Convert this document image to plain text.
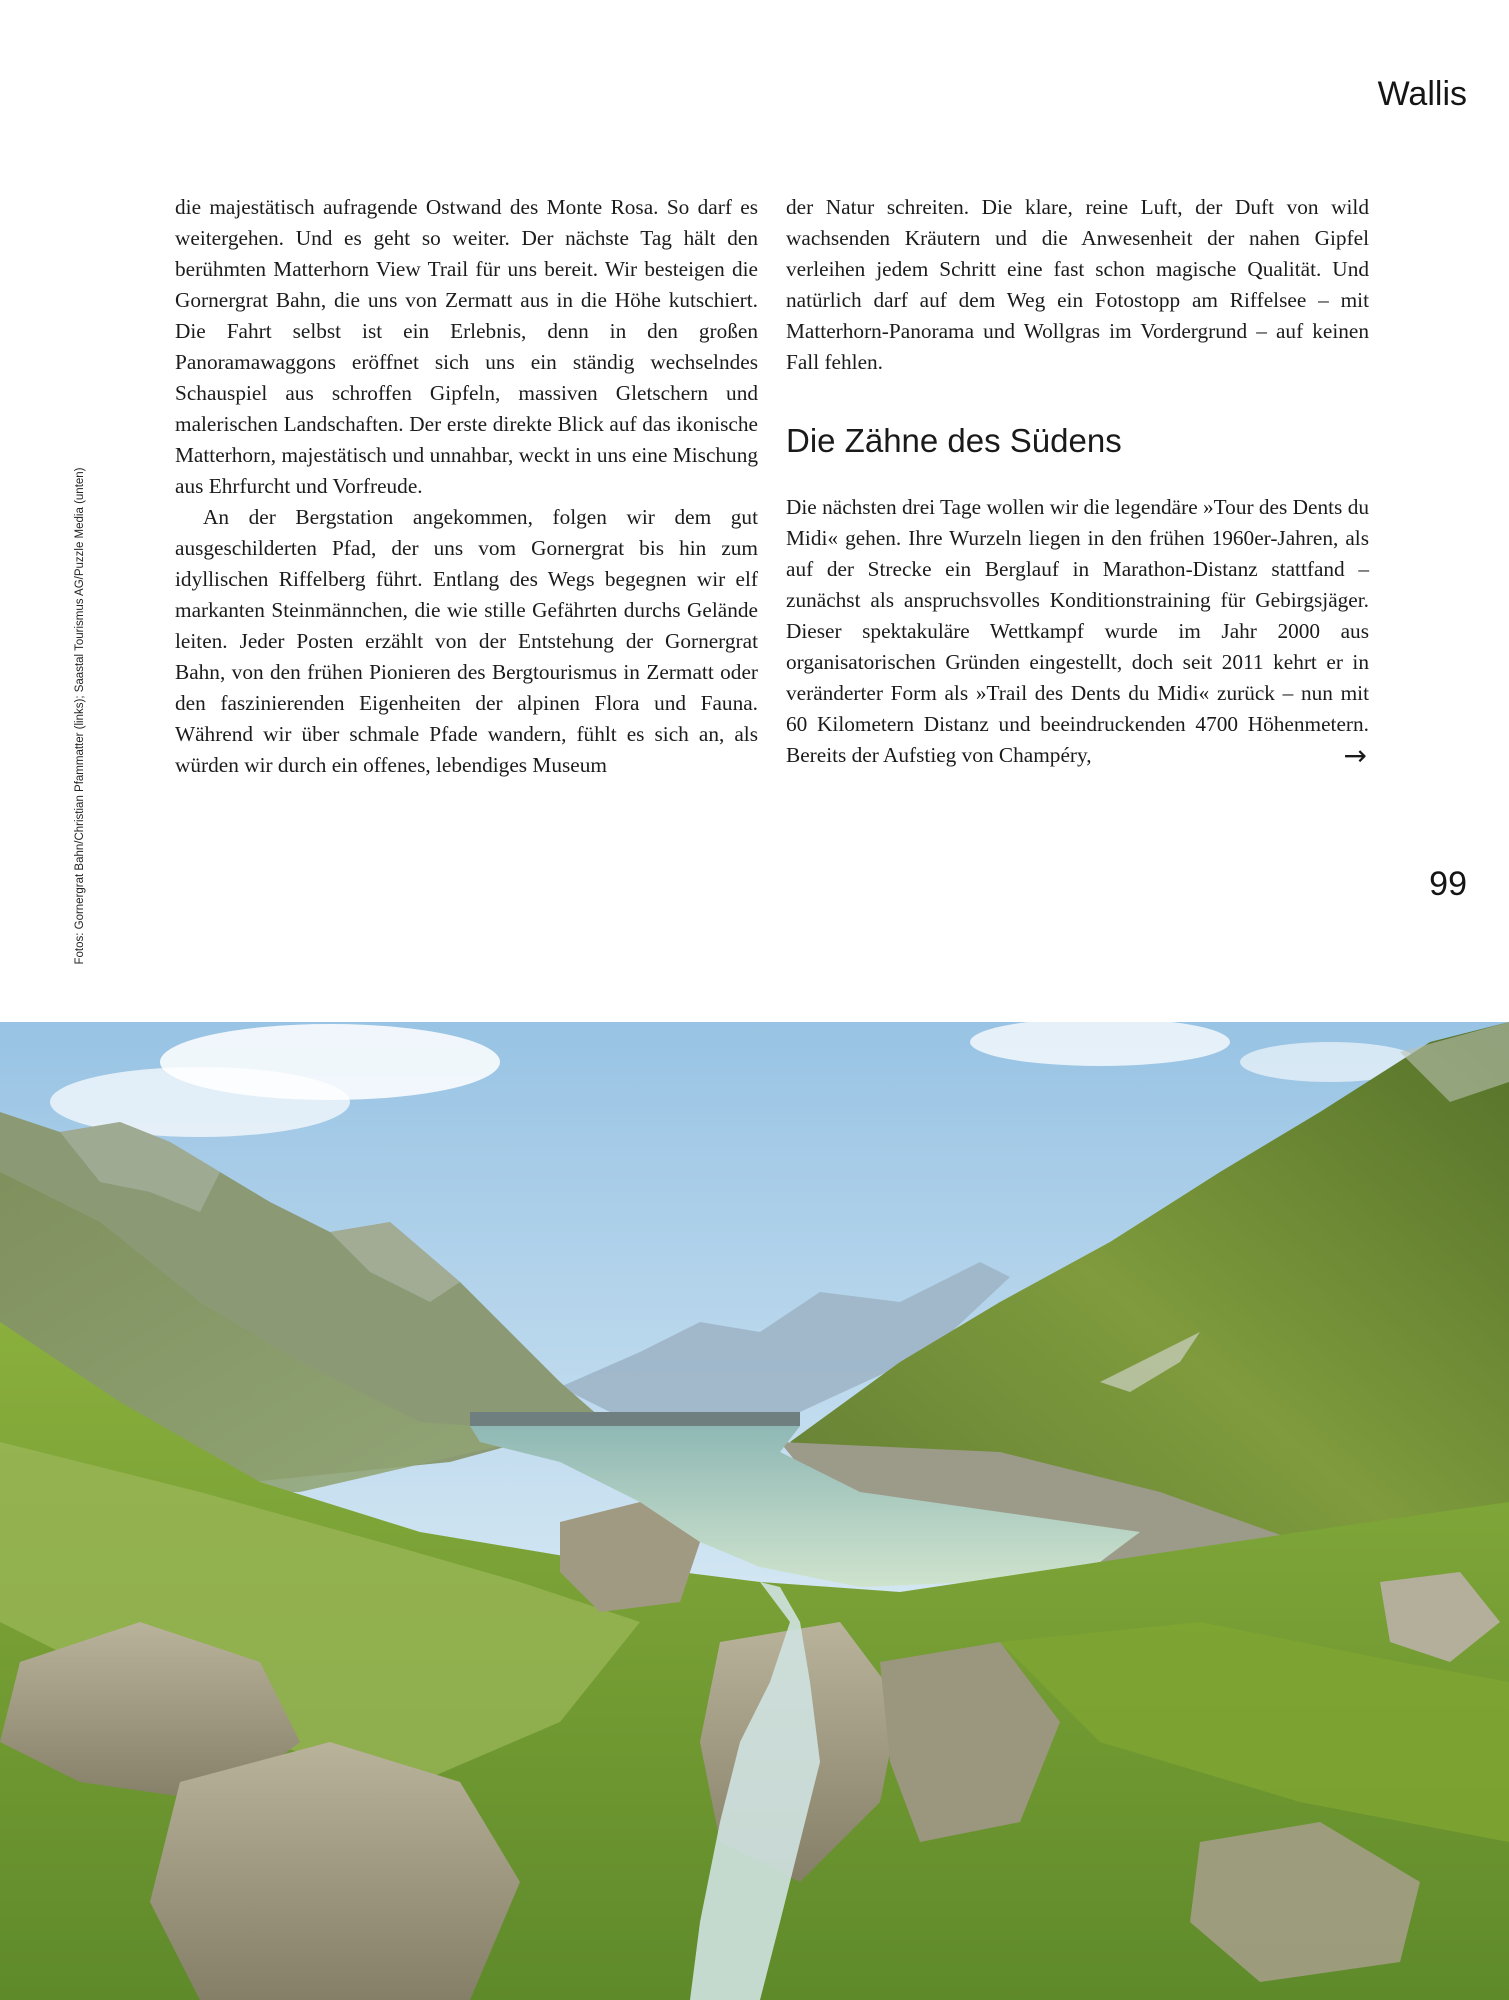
Wallis
Fotos: Gornergrat Bahn/Christian Pfammatter (links); Saastal Tourismus AG/Puzzle Media (unten)

die majestätisch aufragende Ostwand des Monte Rosa. So darf es weitergehen. Und es geht so weiter. Der nächste Tag hält den berühmten Matterhorn View Trail für uns bereit. Wir besteigen die Gornergrat Bahn, die uns von Zermatt aus in die Höhe kutschiert. Die Fahrt selbst ist ein Erlebnis, denn in den großen Panoramawaggons eröffnet sich uns ein ständig wechselndes Schauspiel aus schroffen Gipfeln, massiven Gletschern und malerischen Landschaften. Der erste direkte Blick auf das ikonische Matterhorn, majestätisch und unnahbar, weckt in uns eine Mischung aus Ehrfurcht und Vorfreude.

An der Bergstation angekommen, folgen wir dem gut ausgeschilderten Pfad, der uns vom Gornergrat bis hin zum idyllischen Riffelberg führt. Entlang des Wegs begegnen wir elf markanten Steinmännchen, die wie stille Gefährten durchs Gelände leiten. Jeder Posten erzählt von der Entstehung der Gornergrat Bahn, von den frühen Pionieren des Bergtourismus in Zermatt oder den faszinierenden Eigenheiten der alpinen Flora und Fauna. Während wir über schmale Pfade wandern, fühlt es sich an, als würden wir durch ein offenes, lebendiges Museum

der Natur schreiten. Die klare, reine Luft, der Duft von wild wachsenden Kräutern und die Anwesenheit der nahen Gipfel verleihen jedem Schritt eine fast schon magische Qualität. Und natürlich darf auf dem Weg ein Fotostopp am Riffelsee – mit Matterhorn-Panorama und Wollgras im Vordergrund – auf keinen Fall fehlen.

Die Zähne des Südens

Die nächsten drei Tage wollen wir die legendäre »Tour des Dents du Midi« gehen. Ihre Wurzeln liegen in den frühen 1960er-Jahren, als auf der Strecke ein Berglauf in Marathon-Distanz stattfand – zunächst als anspruchsvolles Konditionstraining für Gebirgsjäger. Dieser spektakuläre Wettkampf wurde im Jahr 2000 aus organisatorischen Gründen eingestellt, doch seit 2011 kehrt er in veränderter Form als »Trail des Dents du Midi« zurück – nun mit 60 Kilometern Distanz und beeindruckenden 4700 Höhenmetern. Bereits der Aufstieg von Champéry,	→

99
